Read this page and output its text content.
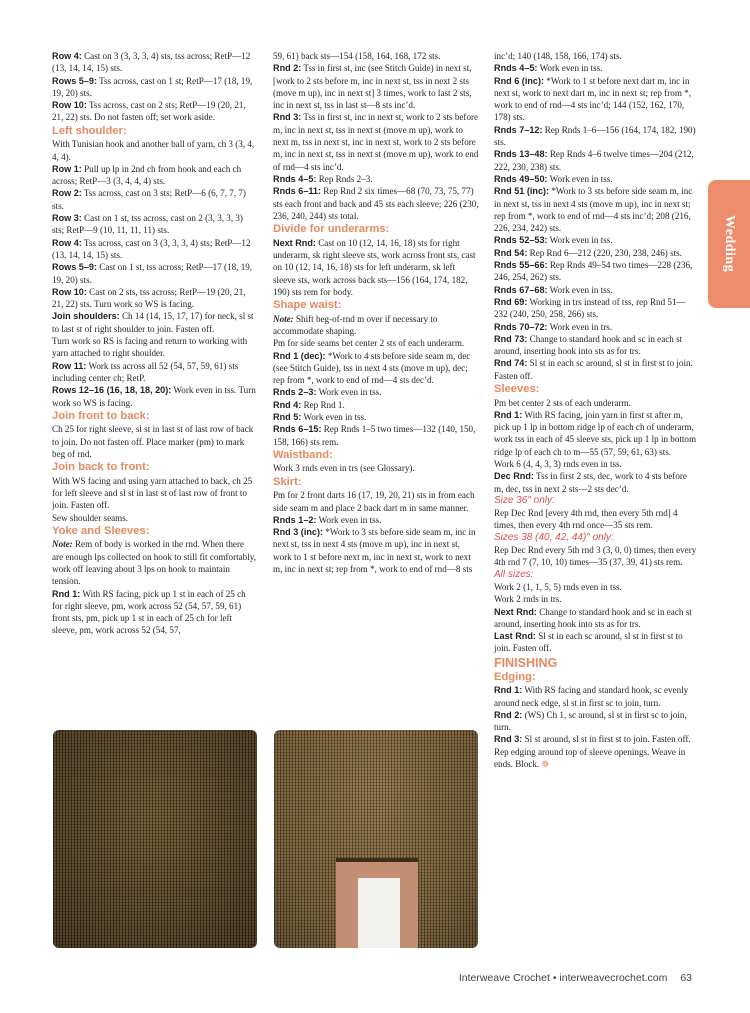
Row 4: Cast on 3 (3, 3, 3, 4) sts, tss across; RetP—12 (13, 14, 14, 15) sts.

Rows 5–9: Tss across, cast on 1 st; RetP—17 (18, 19, 19, 20) sts.

Row 10: Tss across, cast on 2 sts; RetP—19 (20, 21, 21, 22) sts. Do not fasten off; set work aside.

Left shoulder:

With Tunisian hook and another ball of yarn, ch 3 (3, 4, 4, 4).

Row 1: Pull up lp in 2nd ch from hook and each ch across; RetP—3 (3, 4, 4, 4) sts.

Row 2: Tss across, cast on 3 sts; RetP—6 (6, 7, 7, 7) sts.

Row 3: Cast on 1 st, tss across, cast on 2 (3, 3, 3, 3) sts; RetP—9 (10, 11, 11, 11) sts.

Row 4: Tss across, cast on 3 (3, 3, 3, 4) sts; RetP—12 (13, 14, 14, 15) sts.

Rows 5–9: Cast on 1 st, tss across; RetP—17 (18, 19, 19, 20) sts.

Row 10: Cast on 2 sts, tss across; RetP—19 (20, 21, 21, 22) sts. Turn work so WS is facing.

Join shoulders: Ch 14 (14, 15, 17, 17) for neck, sl st to last st of right shoulder to join. Fasten off.

Turn work so RS is facing and return to working with yarn attached to right shoulder.

Row 11: Work tss across all 52 (54, 57, 59, 61) sts including center ch; RetP.

Rows 12–16 (16, 18, 18, 20): Work even in tss. Turn work so WS is facing.

Join front to back:

Ch 25 for right sleeve, sl st in last st of last row of back to join. Do not fasten off. Place marker (pm) to mark beg of rnd.

Join back to front:

With WS facing and using yarn attached to back, ch 25 for left sleeve and sl st in last st of last row of front to join. Fasten off.

Sew shoulder seams.

Yoke and Sleeves:

Note: Rem of body is worked in the rnd. When there are enough lps collected on hook to still fit comfortably, work off leaving about 3 lps on hook to maintain tension.

Rnd 1: With RS facing, pick up 1 st in each of 25 ch for right sleeve, pm, work across 52 (54, 57, 59, 61) front sts, pm, pick up 1 st in each of 25 ch for left sleeve, pm, work across 52 (54, 57,

59, 61) back sts—154 (158, 164, 168, 172 sts.

Rnd 2: Tss in first st, inc (see Stitch Guide) in next st, [work to 2 sts before m, inc in next st, tss in next 2 sts (move m up), inc in next st] 3 times, work to last 2 sts, inc in next st, tss in last st—8 sts inc’d.

Rnd 3: Tss in first st, inc in next st, work to 2 sts before m, inc in next st, tss in next st (move m up), work to next m, tss in next st, inc in next st, work to 2 sts before m, inc in next st, tss in next st (move m up), work to end of rnd—4 sts inc’d.

Rnds 4–5: Rep Rnds 2–3.

Rnds 6–11: Rep Rnd 2 six times—68 (70, 73, 75, 77) sts each front and back and 45 sts each sleeve; 226 (230, 236, 240, 244) sts total.

Divide for underarms:

Next Rnd: Cast on 10 (12, 14, 16, 18) sts for right underarm, sk right sleeve sts, work across front sts, cast on 10 (12, 14, 16, 18) sts for left underarm, sk left sleeve sts, work across back sts—156 (164, 174, 182, 190) sts rem for body.

Shape waist:

Note: Shift beg-of-rnd m over if necessary to accommodate shaping.

Pm for side seams bet center 2 sts of each underarm.

Rnd 1 (dec): *Work to 4 sts before side seam m, dec (see Stitch Guide), tss in next 4 sts (move m up), dec; rep from *, work to end of rnd—4 sts dec’d.

Rnds 2–3: Work even in tss.

Rnd 4: Rep Rnd 1.

Rnd 5: Work even in tss.

Rnds 6–15: Rep Rnds 1–5 two times—132 (140, 150, 158, 166) sts rem.

Waistband:

Work 3 rnds even in trs (see Glossary).

Skirt:

Pm for 2 front darts 16 (17, 19, 20, 21) sts in from each side seam m and place 2 back dart m in same manner.

Rnds 1–2: Work even in tss.

Rnd 3 (inc): *Work to 3 sts before side seam m, inc in next st, tss in next 4 sts (move m up), inc in next st, work to 1 st before next m, inc in next st, work to next m, inc in next st; rep from *, work to end of rnd—8 sts

inc’d; 140 (148, 158, 166, 174) sts.

Rnds 4–5: Work even in tss.

Rnd 6 (inc): *Work to 1 st before next dart m, inc in next st, work to next dart m, inc in next st; rep from *, work to end of rnd—4 sts inc’d; 144 (152, 162, 170, 178) sts.

Rnds 7–12: Rep Rnds 1–6—156 (164, 174, 182, 190) sts.

Rnds 13–48: Rep Rnds 4–6 twelve times—204 (212, 222, 230, 238) sts.

Rnds 49–50: Work even in tss.

Rnd 51 (inc): *Work to 3 sts before side seam m, inc in next st, tss in next 4 sts (move m up), inc in next st; rep from *, work to end of rnd—4 sts inc’d; 208 (216, 226, 234, 242) sts.

Rnds 52–53: Work even in tss.

Rnd 54: Rep Rnd 6—212 (220, 230, 238, 246) sts.

Rnds 55–66: Rep Rnds 49–54 two times—228 (236, 246, 254, 262) sts.

Rnds 67–68: Work even in tss.

Rnd 69: Working in trs instead of tss, rep Rnd 51—232 (240, 250, 258, 266) sts.

Rnds 70–72: Work even in trs.

Rnd 73: Change to standard hook and sc in each st around, inserting hook into sts as for trs.

Rnd 74: Sl st in each sc around, sl st in first st to join. Fasten off.

Sleeves:

Pm bet center 2 sts of each underarm.

Rnd 1: With RS facing, join yarn in first st after m, pick up 1 lp in bottom ridge lp of each ch of underarm, work tss in each of 45 sleeve sts, pick up 1 lp in bottom ridge lp of each ch to m—55 (57, 59, 61, 63) sts.

Work 6 (4, 4, 3, 3) rnds even in tss.

Dec Rnd: Tss in first 2 sts, dec, work to 4 sts before m, dec, tss in next 2 sts—2 sts dec’d.

Size 36" only:

Rep Dec Rnd [every 4th rnd, then every 5th rnd] 4 times, then every 4th rnd once—35 sts rem.

Sizes 38 (40, 42, 44)" only:

Rep Dec Rnd every 5th rnd 3 (3, 0, 0) times, then every 4th rnd 7 (7, 10, 10) times—35 (37, 39, 41) sts rem.

All sizes:

Work 2 (1, 1, 5, 5) rnds even in tss.

Work 2 rnds in trs.

Next Rnd: Change to standard hook and sc in each st around, inserting hook into sts as for trs.

Last Rnd: Sl st in each sc around, sl st in first st to join. Fasten off.

FINISHING

Edging:

Rnd 1: With RS facing and standard hook, sc evenly around neck edge, sl st in first sc to join, turn.

Rnd 2: (WS) Ch 1, sc around, sl st in first sc to join, turn.

Rnd 3: Sl st around, sl st in first st to join. Fasten off.

Rep edging around top of sleeve openings. Weave in ends. Block. ❁

Wedding
Interweave Crochet • interweavecrochet.com 63
